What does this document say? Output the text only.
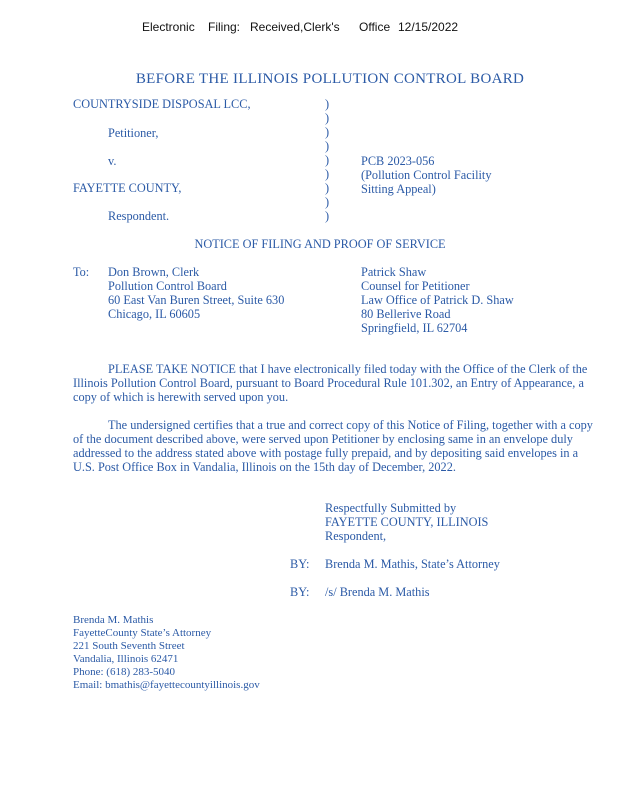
Electronic Filing: Received,Clerk's Office 12/15/2022
BEFORE THE ILLINOIS POLLUTION CONTROL BOARD
COUNTRYSIDE DISPOSAL LCC,
Petitioner,
v.
FAYETTE COUNTY,
Respondent.
)
)
)
)
)
)
)
)
)
PCB 2023-056
(Pollution Control Facility
Sitting Appeal)
NOTICE OF FILING AND PROOF OF SERVICE
To: Don Brown, Clerk
Pollution Control Board
60 East Van Buren Street, Suite 630
Chicago, IL 60605
Patrick Shaw
Counsel for Petitioner
Law Office of Patrick D. Shaw
80 Bellerive Road
Springfield, IL 62704

PLEASE TAKE NOTICE that I have electronically filed today with the Office of the Clerk of the Illinois Pollution Control Board, pursuant to Board Procedural Rule 101.302, an Entry of Appearance, a copy of which is herewith served upon you.

The undersigned certifies that a true and correct copy of this Notice of Filing, together with a copy of the document described above, were served upon Petitioner by enclosing same in an envelope duly addressed to the address stated above with postage fully prepaid, and by depositing said envelopes in a U.S. Post Office Box in Vandalia, Illinois on the 15th day of December, 2022.

Respectfully Submitted by
FAYETTE COUNTY, ILLINOIS
Respondent,
BY: Brenda M. Mathis, State’s Attorney
BY: /s/ Brenda M. Mathis
Brenda M. Mathis
FayetteCounty State’s Attorney
221 South Seventh Street
Vandalia, Illinois 62471
Phone: (618) 283-5040
Email: bmathis@fayettecountyillinois.gov
